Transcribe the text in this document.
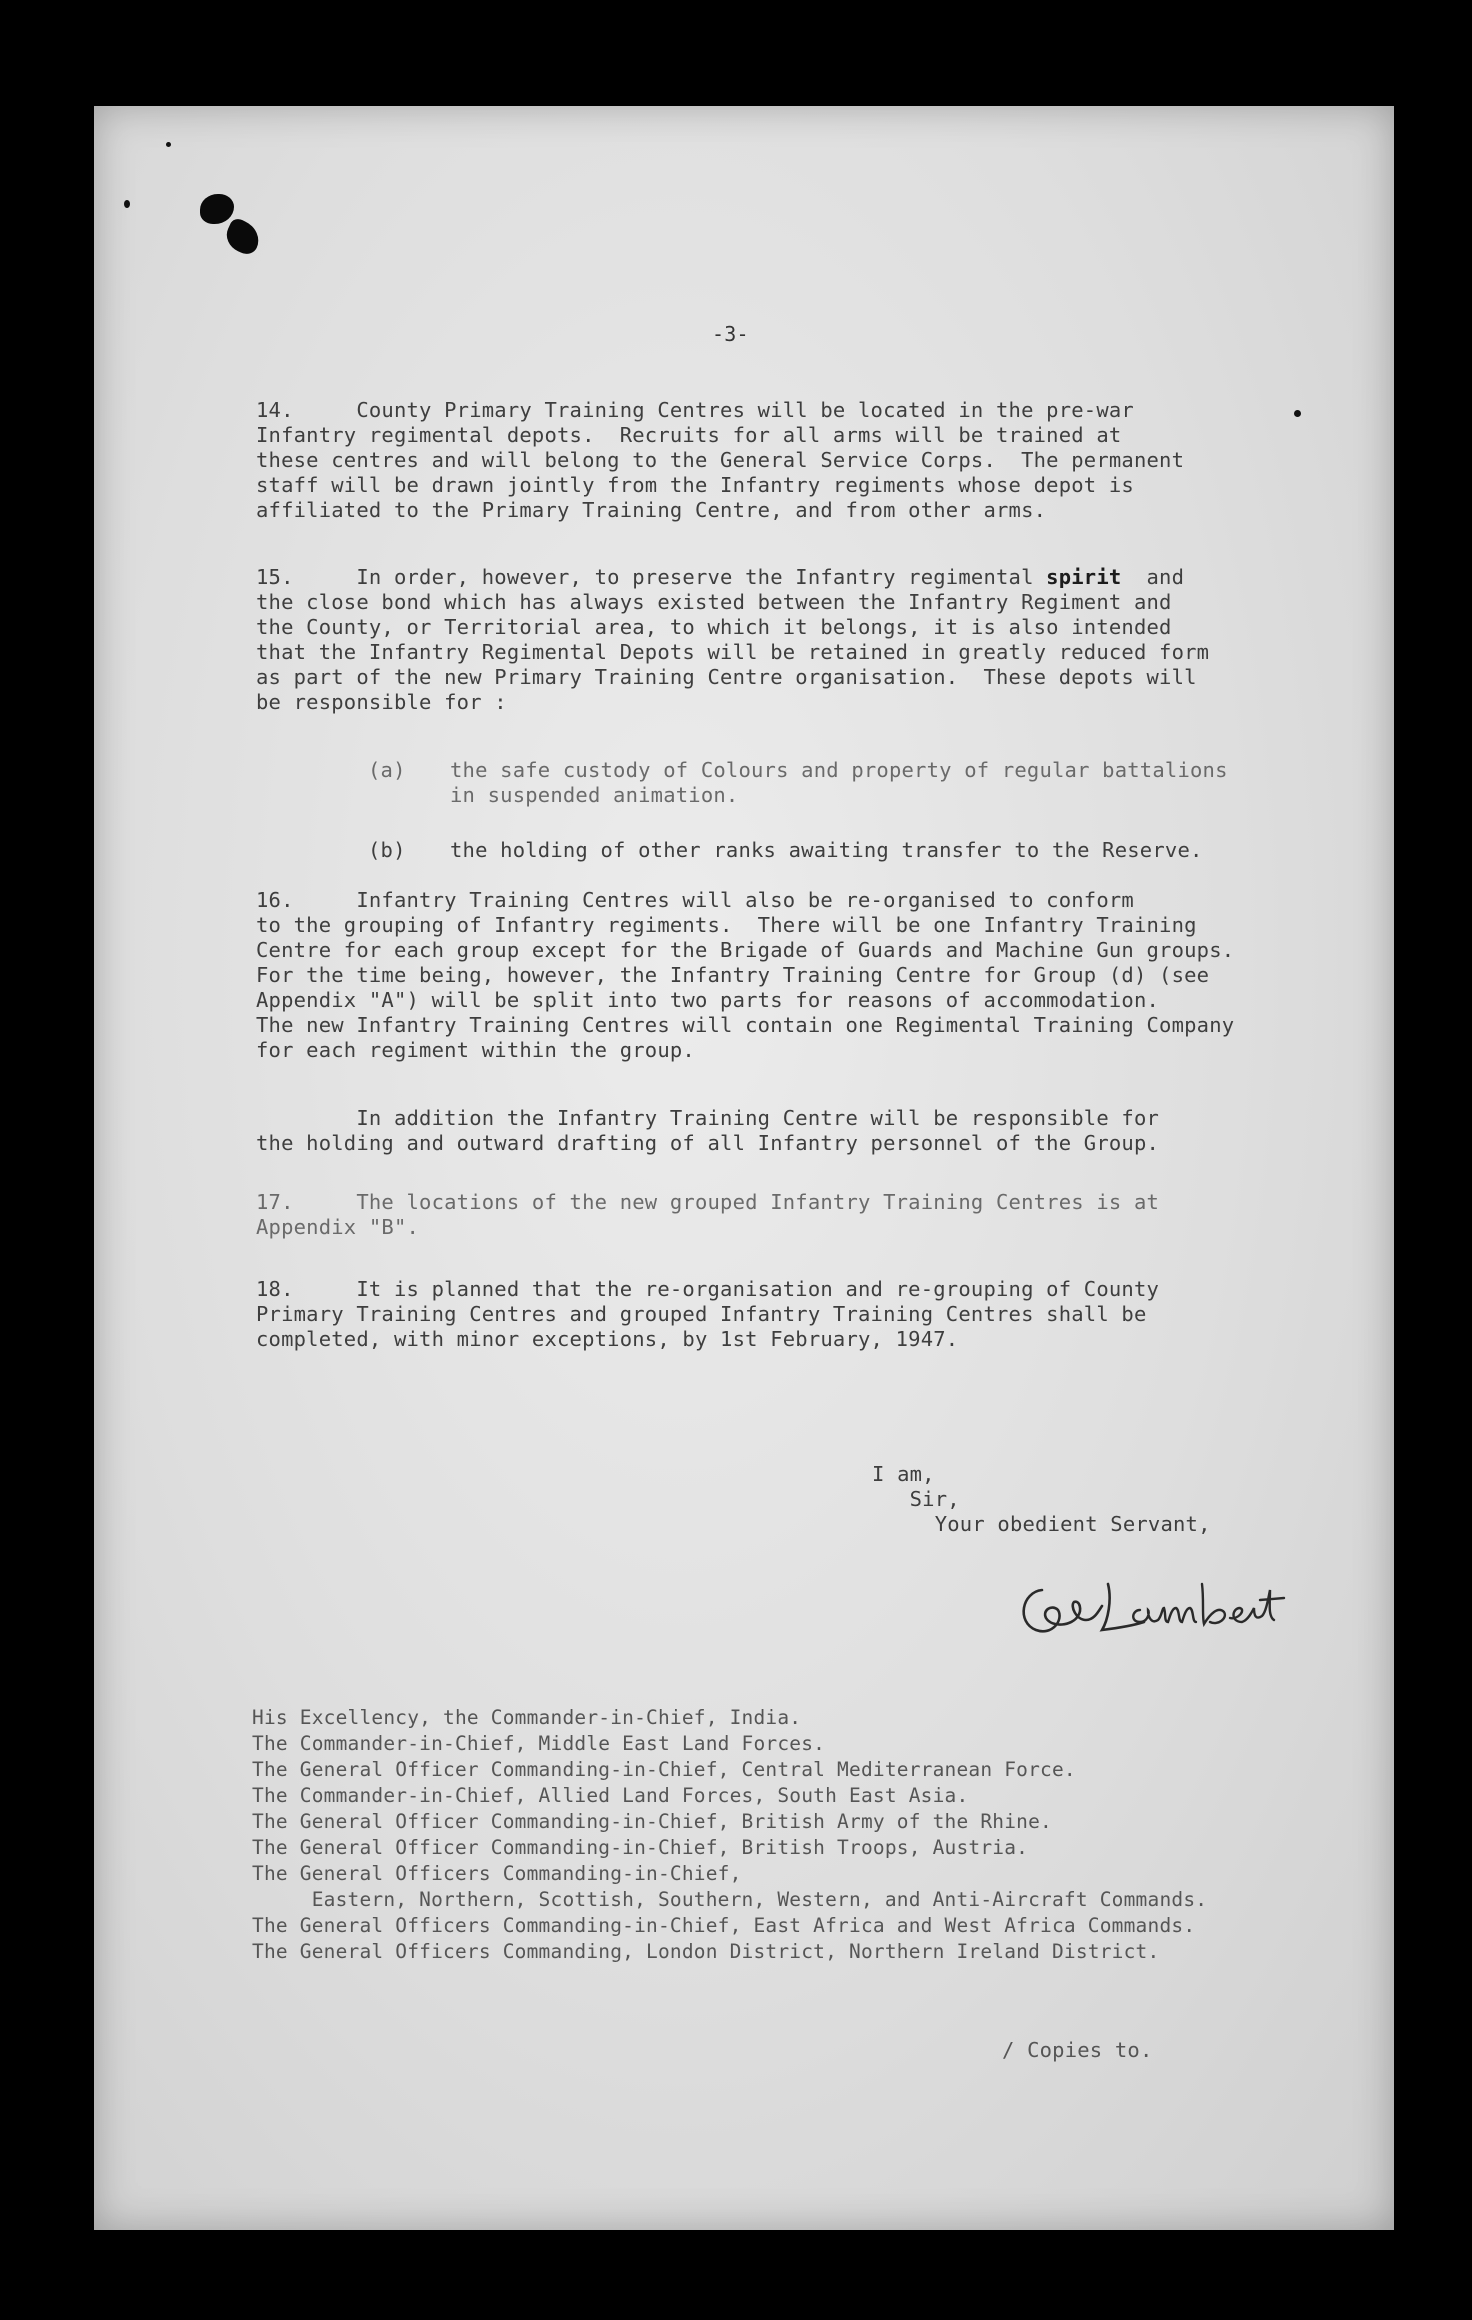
-3-
14.     County Primary Training Centres will be located in the pre-war
Infantry regimental depots.  Recruits for all arms will be trained at
these centres and will belong to the General Service Corps.  The permanent
staff will be drawn jointly from the Infantry regiments whose depot is
affiliated to the Primary Training Centre, and from other arms.
15.     In order, however, to preserve the Infantry regimental spirit  and
the close bond which has always existed between the Infantry Regiment and
the County, or Territorial area, to which it belongs, it is also intended
that the Infantry Regimental Depots will be retained in greatly reduced form
as part of the new Primary Training Centre organisation.  These depots will
be responsible for :
(a) the safe custody of Colours and property of regular battalions
in suspended animation.
(b) the holding of other ranks awaiting transfer to the Reserve.
16.     Infantry Training Centres will also be re-organised to conform
to the grouping of Infantry regiments.  There will be one Infantry Training
Centre for each group except for the Brigade of Guards and Machine Gun groups.
For the time being, however, the Infantry Training Centre for Group (d) (see
Appendix "A") will be split into two parts for reasons of accommodation.
The new Infantry Training Centres will contain one Regimental Training Company
for each regiment within the group.
In addition the Infantry Training Centre will be responsible for
the holding and outward drafting of all Infantry personnel of the Group.
17.     The locations of the new grouped Infantry Training Centres is at
Appendix "B".
18.     It is planned that the re-organisation and re-grouping of County
Primary Training Centres and grouped Infantry Training Centres shall be
completed, with minor exceptions, by 1st February, 1947.
I am,
Sir,
Your obedient Servant,
His Excellency, the Commander-in-Chief, India.
The Commander-in-Chief, Middle East Land Forces.
The General Officer Commanding-in-Chief, Central Mediterranean Force.
The Commander-in-Chief, Allied Land Forces, South East Asia.
The General Officer Commanding-in-Chief, British Army of the Rhine.
The General Officer Commanding-in-Chief, British Troops, Austria.
The General Officers Commanding-in-Chief,
Eastern, Northern, Scottish, Southern, Western, and Anti-Aircraft Commands.
The General Officers Commanding-in-Chief, East Africa and West Africa Commands.
The General Officers Commanding, London District, Northern Ireland District.
/ Copies to.
